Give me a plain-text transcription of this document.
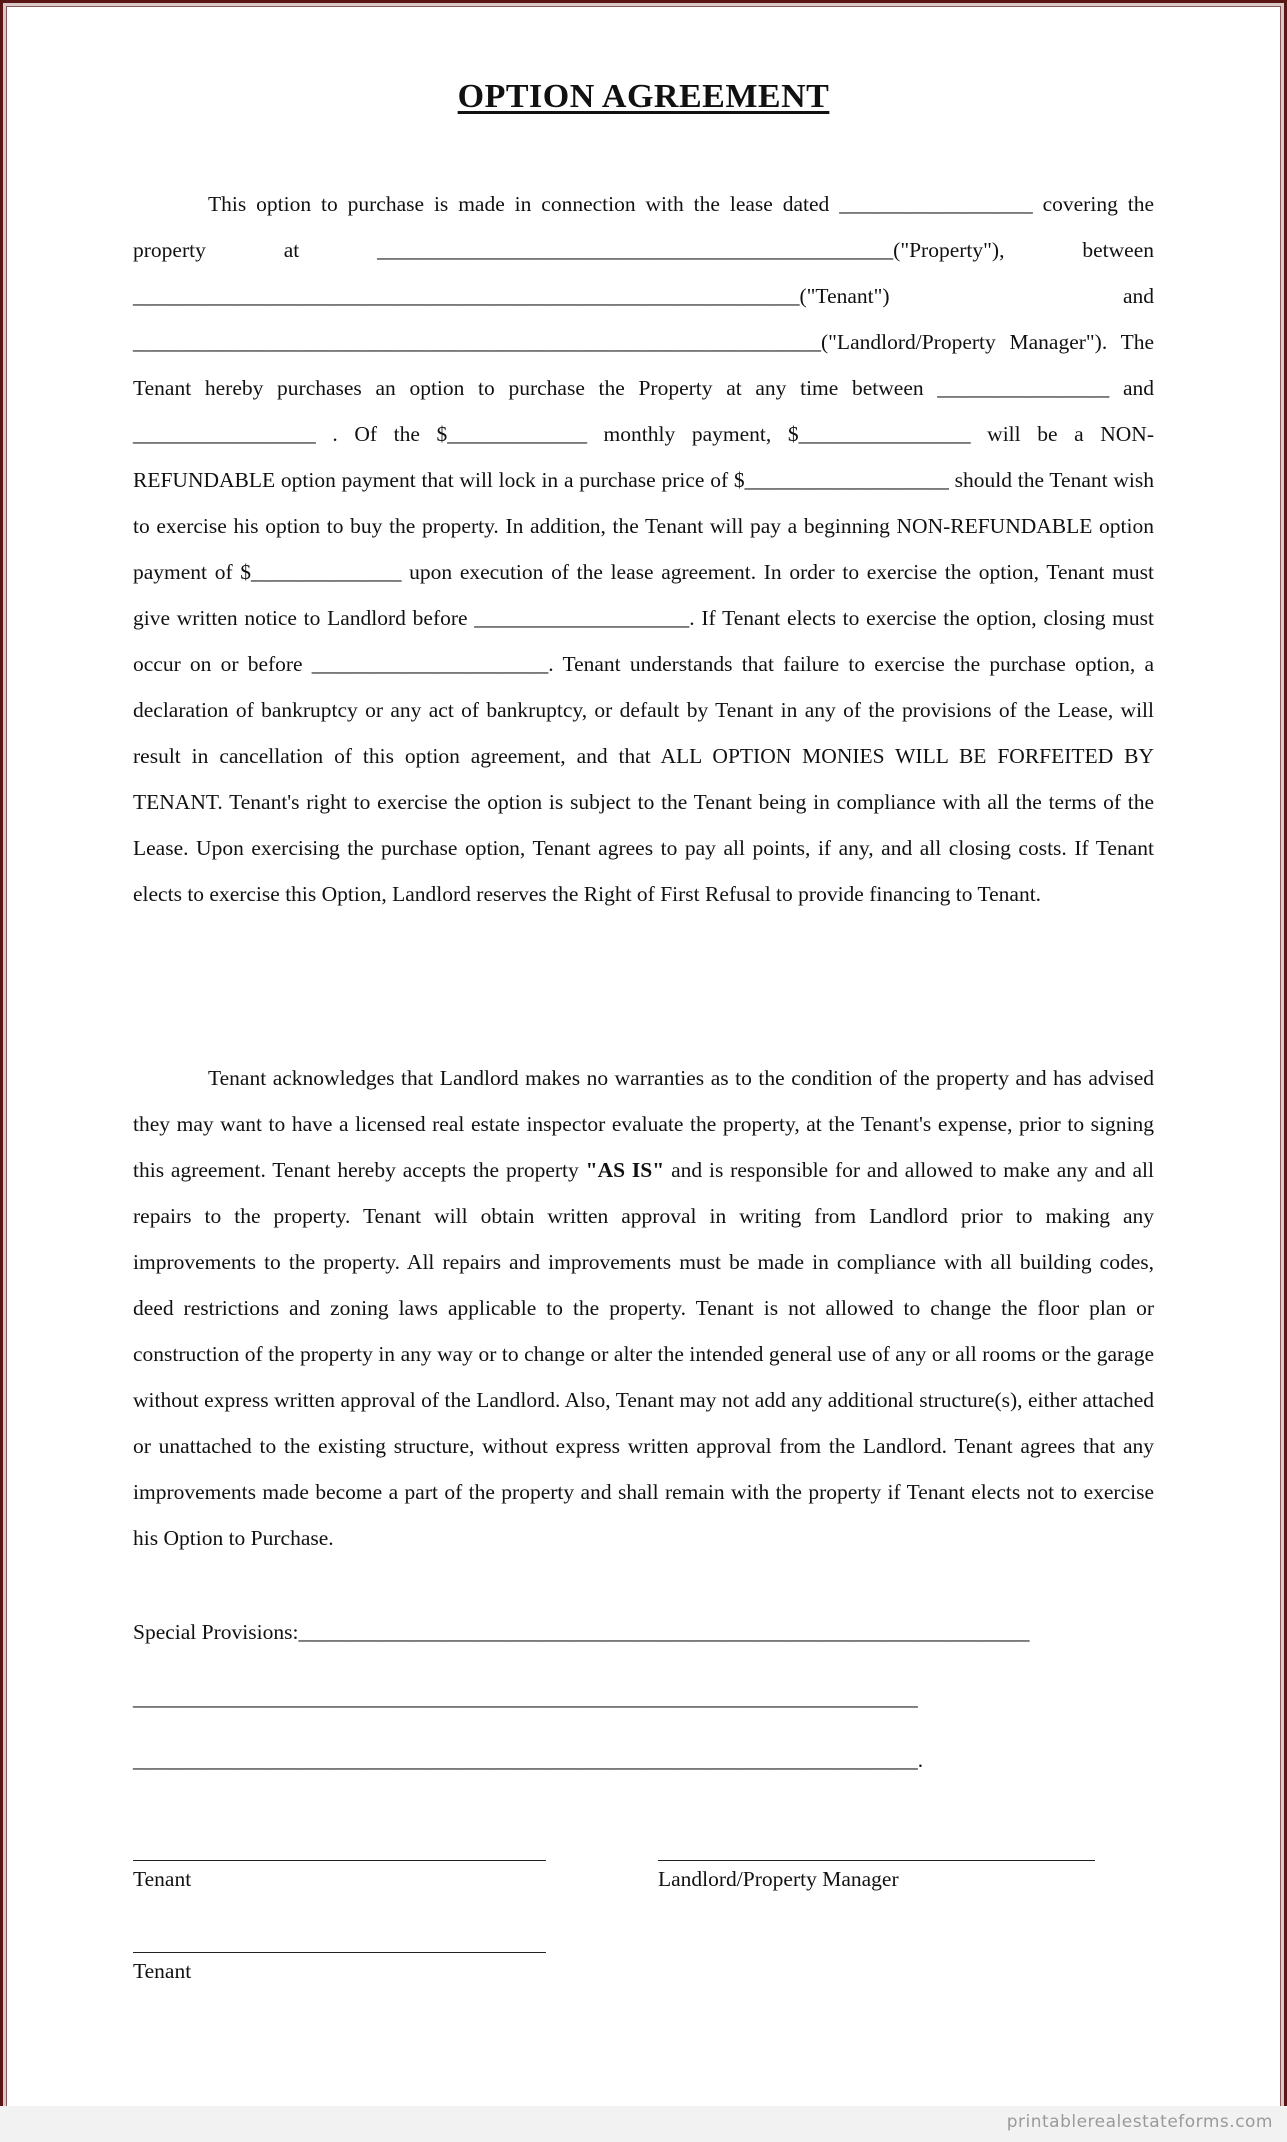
OPTION AGREEMENT

This option to purchase is made in connection with the lease dated __________________ covering the property at ________________________________________________("Property"), between ______________________________________________________________("Tenant") and ________________________________________________________________("Landlord/Property Manager"). The Tenant hereby purchases an option to purchase the Property at any time between ________________ and _________________ . Of the $_____________ monthly payment, $________________ will be a NON-REFUNDABLE option payment that will lock in a purchase price of $___________________ should the Tenant wish to exercise his option to buy the property. In addition, the Tenant will pay a beginning NON-REFUNDABLE option payment of $______________ upon execution of the lease agreement. In order to exercise the option, Tenant must give written notice to Landlord before ____________________. If Tenant elects to exercise the option, closing must occur on or before ______________________. Tenant understands that failure to exercise the purchase option, a declaration of bankruptcy or any act of bankruptcy, or default by Tenant in any of the provisions of the Lease, will result in cancellation of this option agreement, and that ALL OPTION MONIES WILL BE FORFEITED BY TENANT. Tenant's right to exercise the option is subject to the Tenant being in compliance with all the terms of the Lease. Upon exercising the purchase option, Tenant agrees to pay all points, if any, and all closing costs. If Tenant elects to exercise this Option, Landlord reserves the Right of First Refusal to provide financing to Tenant.

Tenant acknowledges that Landlord makes no warranties as to the condition of the property and has advised they may want to have a licensed real estate inspector evaluate the property, at the Tenant's expense, prior to signing this agreement. Tenant hereby accepts the property "AS IS" and is responsible for and allowed to make any and all repairs to the property. Tenant will obtain written approval in writing from Landlord prior to making any improvements to the property. All repairs and improvements must be made in compliance with all building codes, deed restrictions and zoning laws applicable to the property. Tenant is not allowed to change the floor plan or construction of the property in any way or to change or alter the intended general use of any or all rooms or the garage without express written approval of the Landlord. Also, Tenant may not add any additional structure(s), either attached or unattached to the existing structure, without express written approval from the Landlord. Tenant agrees that any improvements made become a part of the property and shall remain with the property if Tenant elects not to exercise his Option to Purchase.

Special Provisions:____________________________________________________________________
_________________________________________________________________________
_________________________________________________________________________.
Tenant	Landlord/Property Manager
Tenant
printablerealestateforms.com
